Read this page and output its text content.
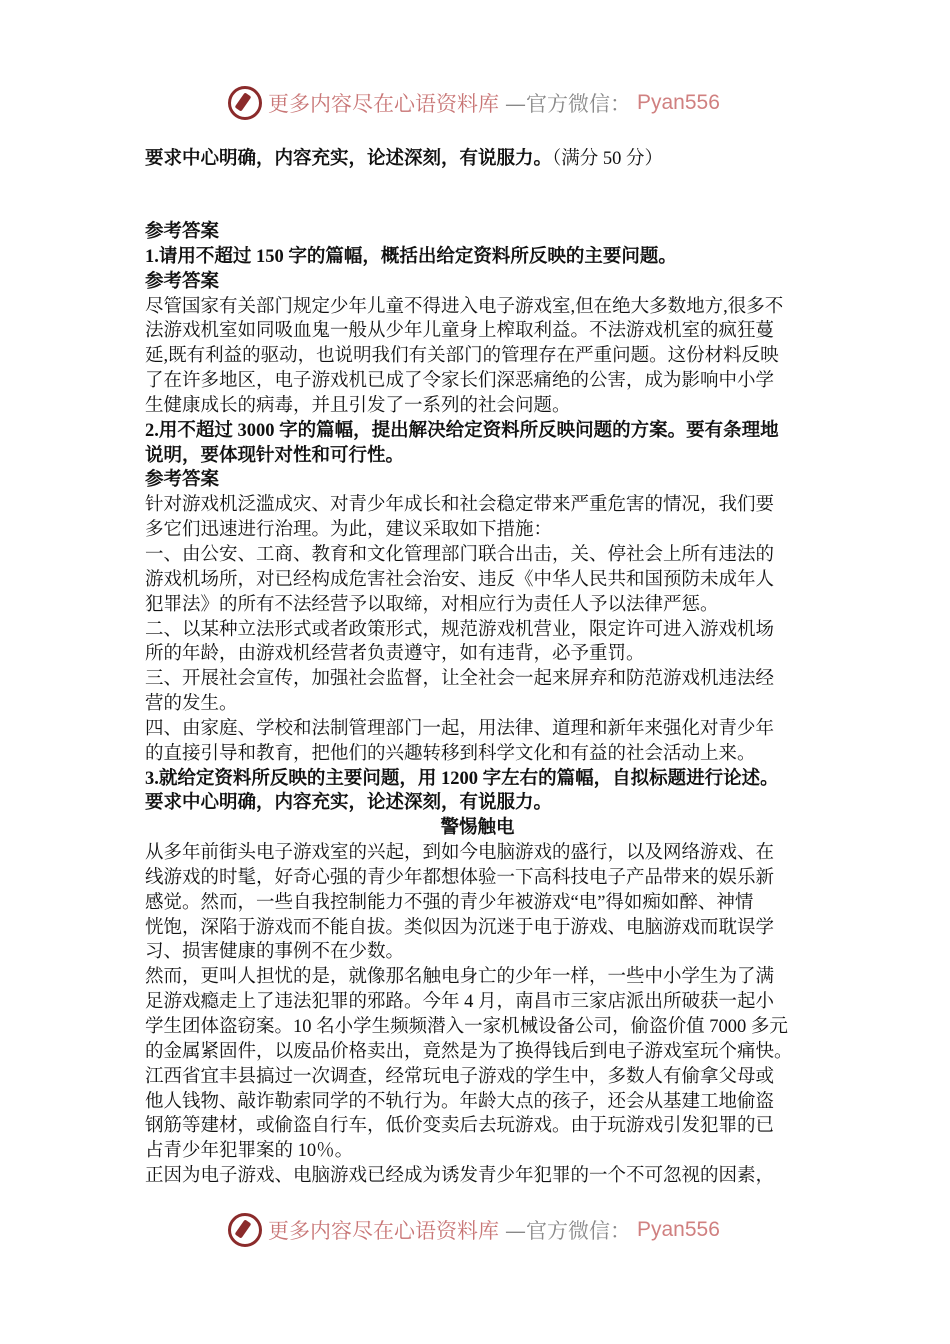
更多内容尽在心语资料库 —官方微信： Pyan556
要求中心明确，内容充实，论述深刻，有说服力。（满分 50 分）
参考答案
1.请用不超过 150 字的篇幅，概括出给定资料所反映的主要问题。
参考答案
尽管国家有关部门规定少年儿童不得进入电子游戏室,但在绝大多数地方,很多不
法游戏机室如同吸血鬼一般从少年儿童身上榨取利益。不法游戏机室的疯狂蔓
延,既有利益的驱动，也说明我们有关部门的管理存在严重问题。这份材料反映
了在许多地区，电子游戏机已成了令家长们深恶痛绝的公害，成为影响中小学
生健康成长的病毒，并且引发了一系列的社会问题。
2.用不超过 3000 字的篇幅，提出解决给定资料所反映问题的方案。要有条理地
说明，要体现针对性和可行性。
参考答案
针对游戏机泛滥成灾、对青少年成长和社会稳定带来严重危害的情况，我们要
多它们迅速进行治理。为此，建议采取如下措施：
一、由公安、工商、教育和文化管理部门联合出击，关、停社会上所有违法的
游戏机场所，对已经构成危害社会治安、违反《中华人民共和国预防未成年人
犯罪法》的所有不法经营予以取缔，对相应行为责任人予以法律严惩。
二、以某种立法形式或者政策形式，规范游戏机营业，限定许可进入游戏机场
所的年龄，由游戏机经营者负责遵守，如有违背，必予重罚。
三、开展社会宣传，加强社会监督，让全社会一起来屏弃和防范游戏机违法经
营的发生。
四、由家庭、学校和法制管理部门一起，用法律、道理和新年来强化对青少年
的直接引导和教育，把他们的兴趣转移到科学文化和有益的社会活动上来。
3.就给定资料所反映的主要问题，用 1200 字左右的篇幅，自拟标题进行论述。
要求中心明确，内容充实，论述深刻，有说服力。
警惕触电
从多年前街头电子游戏室的兴起，到如今电脑游戏的盛行，以及网络游戏、在
线游戏的时髦，好奇心强的青少年都想体验一下高科技电子产品带来的娱乐新
感觉。然而，一些自我控制能力不强的青少年被游戏“电”得如痴如醉、神情
恍饱，深陷于游戏而不能自拔。类似因为沉迷于电于游戏、电脑游戏而耽误学
习、损害健康的事例不在少数。
然而，更叫人担忧的是，就像那名触电身亡的少年一样，一些中小学生为了满
足游戏瘾走上了违法犯罪的邪路。今年 4 月，南昌市三家店派出所破获一起小
学生团体盗窃案。10 名小学生频频潜入一家机械设备公司，偷盗价值 7000 多元
的金属紧固件，以废品价格卖出，竟然是为了换得钱后到电子游戏室玩个痛快。
江西省宜丰县搞过一次调查，经常玩电子游戏的学生中，多数人有偷拿父母或
他人钱物、敲诈勒索同学的不轨行为。年龄大点的孩子，还会从基建工地偷盗
钢筋等建材，或偷盗自行车，低价变卖后去玩游戏。由于玩游戏引发犯罪的已
占青少年犯罪案的 10％。
正因为电子游戏、电脑游戏已经成为诱发青少年犯罪的一个不可忽视的因素，
更多内容尽在心语资料库 —官方微信： Pyan556
